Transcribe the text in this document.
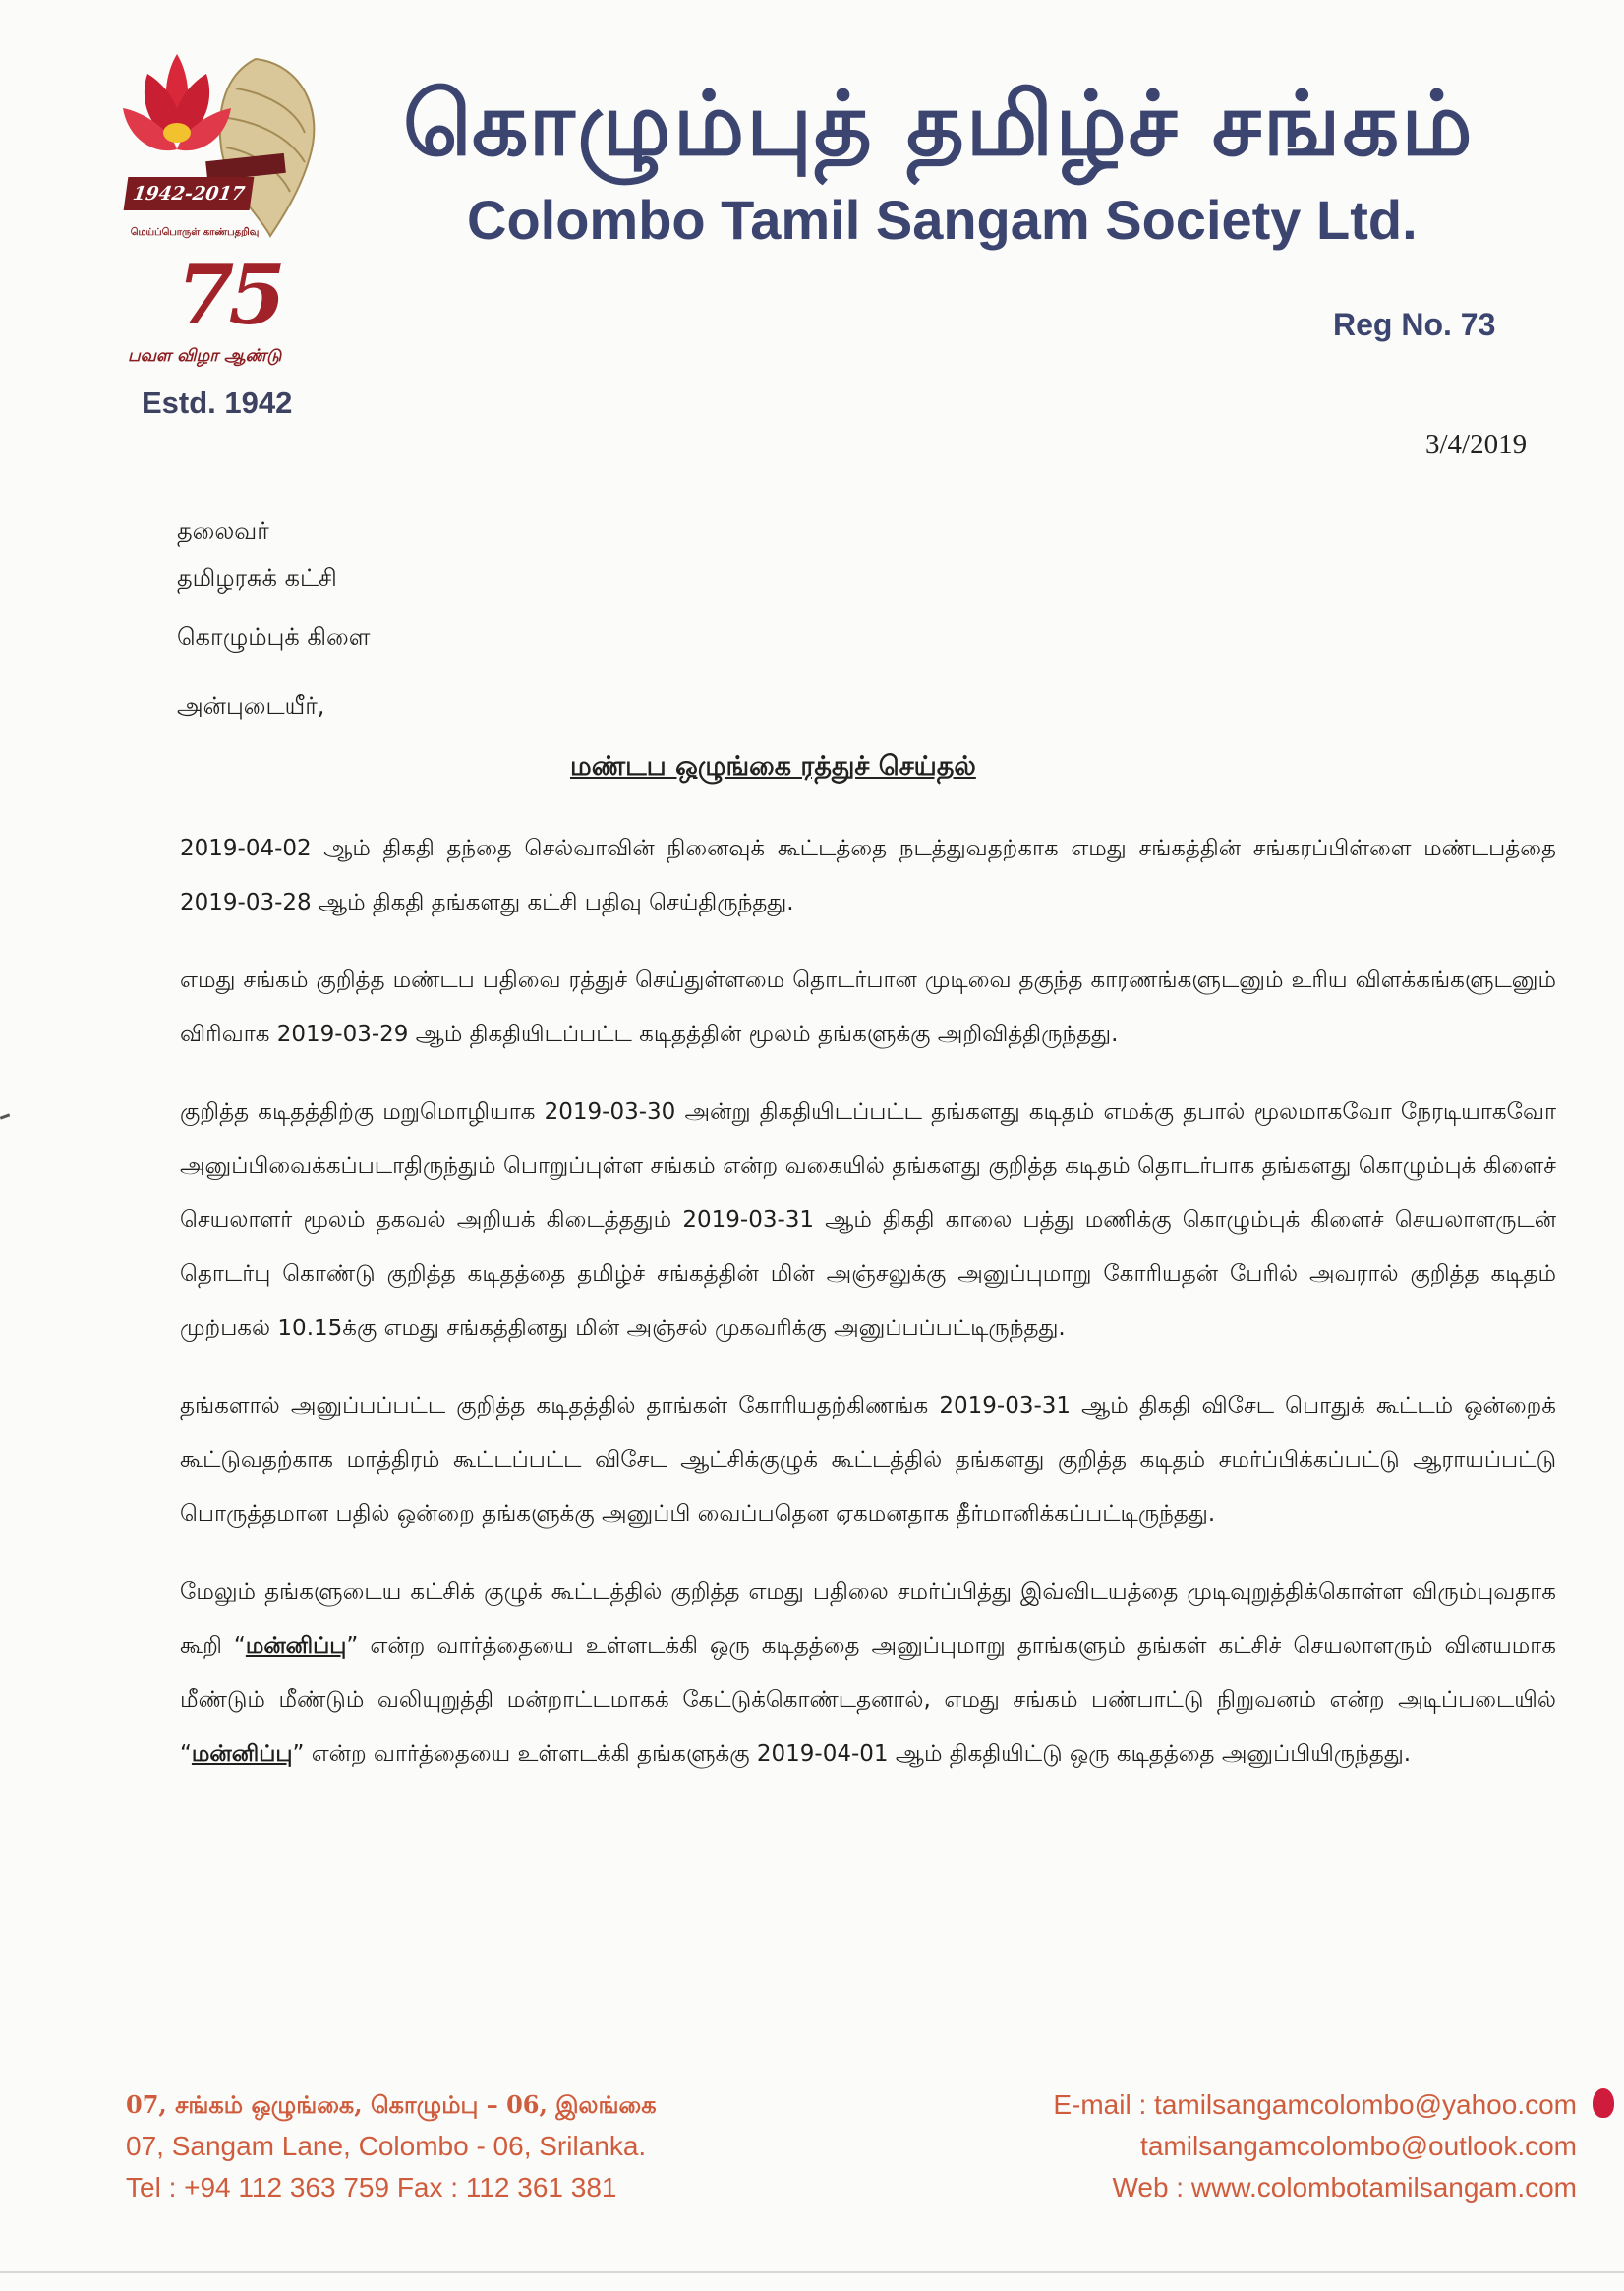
1942-2017
மெய்ப்பொருள் காண்பதறிவு
75
பவள விழா ஆண்டு
Estd. 1942
கொழும்புத் தமிழ்ச் சங்கம்
Colombo Tamil Sangam Society Ltd.
Reg No. 73
3/4/2019
தலைவர்
தமிழரசுக் கட்சி
கொழும்புக் கிளை
அன்புடையீர்,
மண்டப ஒழுங்கை ரத்துச் செய்தல்

2019-04-02 ஆம் திகதி தந்தை செல்வாவின் நினைவுக் கூட்டத்தை நடத்துவதற்காக எமது சங்கத்தின் சங்கரப்பிள்ளை மண்டபத்தை 2019-03-28 ஆம் திகதி தங்களது கட்சி பதிவு செய்திருந்தது.

எமது சங்கம் குறித்த மண்டப பதிவை ரத்துச் செய்துள்ளமை தொடர்பான முடிவை தகுந்த காரணங்களுடனும் உரிய விளக்கங்களுடனும் விரிவாக 2019-03-29 ஆம் திகதியிடப்பட்ட கடிதத்தின் மூலம் தங்களுக்கு அறிவித்திருந்தது.

குறித்த கடிதத்திற்கு மறுமொழியாக 2019-03-30 அன்று திகதியிடப்பட்ட தங்களது கடிதம் எமக்கு தபால் மூலமாகவோ நேரடியாகவோ அனுப்பிவைக்கப்படாதிருந்தும் பொறுப்புள்ள சங்கம் என்ற வகையில் தங்களது குறித்த கடிதம் தொடர்பாக தங்களது கொழும்புக் கிளைச் செயலாளர் மூலம் தகவல் அறியக் கிடைத்ததும் 2019-03-31 ஆம் திகதி காலை பத்து மணிக்கு கொழும்புக் கிளைச் செயலாளருடன் தொடர்பு கொண்டு குறித்த கடிதத்தை தமிழ்ச் சங்கத்தின் மின் அஞ்சலுக்கு அனுப்புமாறு கோரியதன் பேரில் அவரால் குறித்த கடிதம் முற்பகல் 10.15க்கு எமது சங்கத்தினது மின் அஞ்சல் முகவரிக்கு அனுப்பப்பட்டிருந்தது.

தங்களால் அனுப்பப்பட்ட குறித்த கடிதத்தில் தாங்கள் கோரியதற்கிணங்க 2019-03-31 ஆம் திகதி விசேட பொதுக் கூட்டம் ஒன்றைக் கூட்டுவதற்காக மாத்திரம் கூட்டப்பட்ட விசேட ஆட்சிக்குழுக் கூட்டத்தில் தங்களது குறித்த கடிதம் சமர்ப்பிக்கப்பட்டு ஆராயப்பட்டு பொருத்தமான பதில் ஒன்றை தங்களுக்கு அனுப்பி வைப்பதென ஏகமனதாக தீர்மானிக்கப்பட்டிருந்தது.

மேலும் தங்களுடைய கட்சிக் குழுக் கூட்டத்தில் குறித்த எமது பதிலை சமர்ப்பித்து இவ்விடயத்தை முடிவுறுத்திக்கொள்ள விரும்புவதாக கூறி “மன்னிப்பு” என்ற வார்த்தையை உள்ளடக்கி ஒரு கடிதத்தை அனுப்புமாறு தாங்களும் தங்கள் கட்சிச் செயலாளரும் வினயமாக மீண்டும் மீண்டும் வலியுறுத்தி மன்றாட்டமாகக் கேட்டுக்கொண்டதனால், எமது சங்கம் பண்பாட்டு நிறுவனம் என்ற அடிப்படையில் “மன்னிப்பு” என்ற வார்த்தையை உள்ளடக்கி தங்களுக்கு 2019-04-01 ஆம் திகதியிட்டு ஒரு கடிதத்தை அனுப்பியிருந்தது.

07, சங்கம் ஒழுங்கை, கொழும்பு – 06, இலங்கை
07, Sangam Lane, Colombo - 06, Srilanka.
Tel : +94 112 363 759 Fax : 112 361 381
E-mail : tamilsangamcolombo@yahoo.com
tamilsangamcolombo@outlook.com
Web : www.colombotamilsangam.com
